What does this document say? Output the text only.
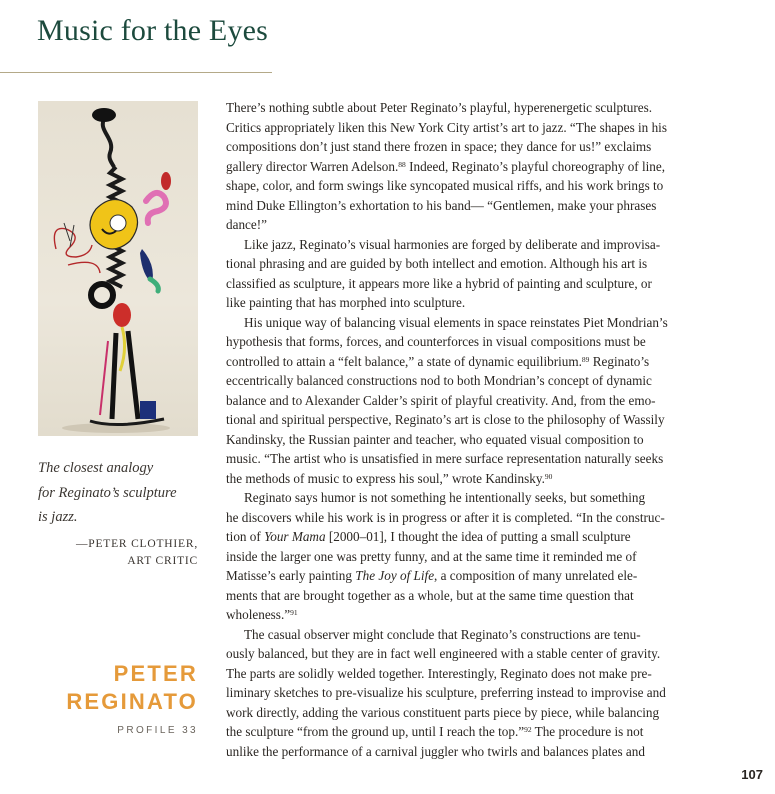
Music for the Eyes
The closest analogy
for Reginato’s sculpture
is jazz.
—PETER CLOTHIER,
ART CRITIC
PETER
REGINATO
PROFILE 33

There’s nothing subtle about Peter Reginato’s playful, hyperenergetic sculptures.
Critics appropriately liken this New York City artist’s art to jazz. “The shapes in his
compositions don’t just stand there frozen in space; they dance for us!” exclaims
gallery director Warren Adelson.$^{88}$ Indeed, Reginato’s playful choreography of line,
shape, color, and form swings like syncopated musical riffs, and his work brings to
mind Duke Ellington’s exhortation to his band— “Gentlemen, make your phrases
dance!”

Like jazz, Reginato’s visual harmonies are forged by deliberate and improvisa-
tional phrasing and are guided by both intellect and emotion. Although his art is
classified as sculpture, it appears more like a hybrid of painting and sculpture, or
like painting that has morphed into sculpture.

His unique way of balancing visual elements in space reinstates Piet Mondrian’s
hypothesis that forms, forces, and counterforces in visual compositions must be
controlled to attain a “felt balance,” a state of dynamic equilibrium.$^{89}$ Reginato’s
eccentrically balanced constructions nod to both Mondrian’s concept of dynamic
balance and to Alexander Calder’s spirit of playful creativity. And, from the emo-
tional and spiritual perspective, Reginato’s art is close to the philosophy of Wassily
Kandinsky, the Russian painter and teacher, who equated visual composition to
music. “The artist who is unsatisfied in mere surface representation naturally seeks
the methods of music to express his soul,” wrote Kandinsky.$^{90}$

Reginato says humor is not something he intentionally seeks, but something
he discovers while his work is in progress or after it is completed. “In the construc-
tion of Your Mama [2000–01], I thought the idea of putting a small sculpture
inside the larger one was pretty funny, and at the same time it reminded me of
Matisse’s early painting The Joy of Life, a composition of many unrelated ele-
ments that are brought together as a whole, but at the same time question that
wholeness.”$^{91}$

The casual observer might conclude that Reginato’s constructions are tenu-
ously balanced, but they are in fact well engineered with a stable center of gravity.
The parts are solidly welded together. Interestingly, Reginato does not make pre-
liminary sketches to pre-visualize his sculpture, preferring instead to improvise and
work directly, adding the various constituent parts piece by piece, while balancing
the sculpture “from the ground up, until I reach the top.”$^{92}$ The procedure is not
unlike the performance of a carnival juggler who twirls and balances plates and

107
